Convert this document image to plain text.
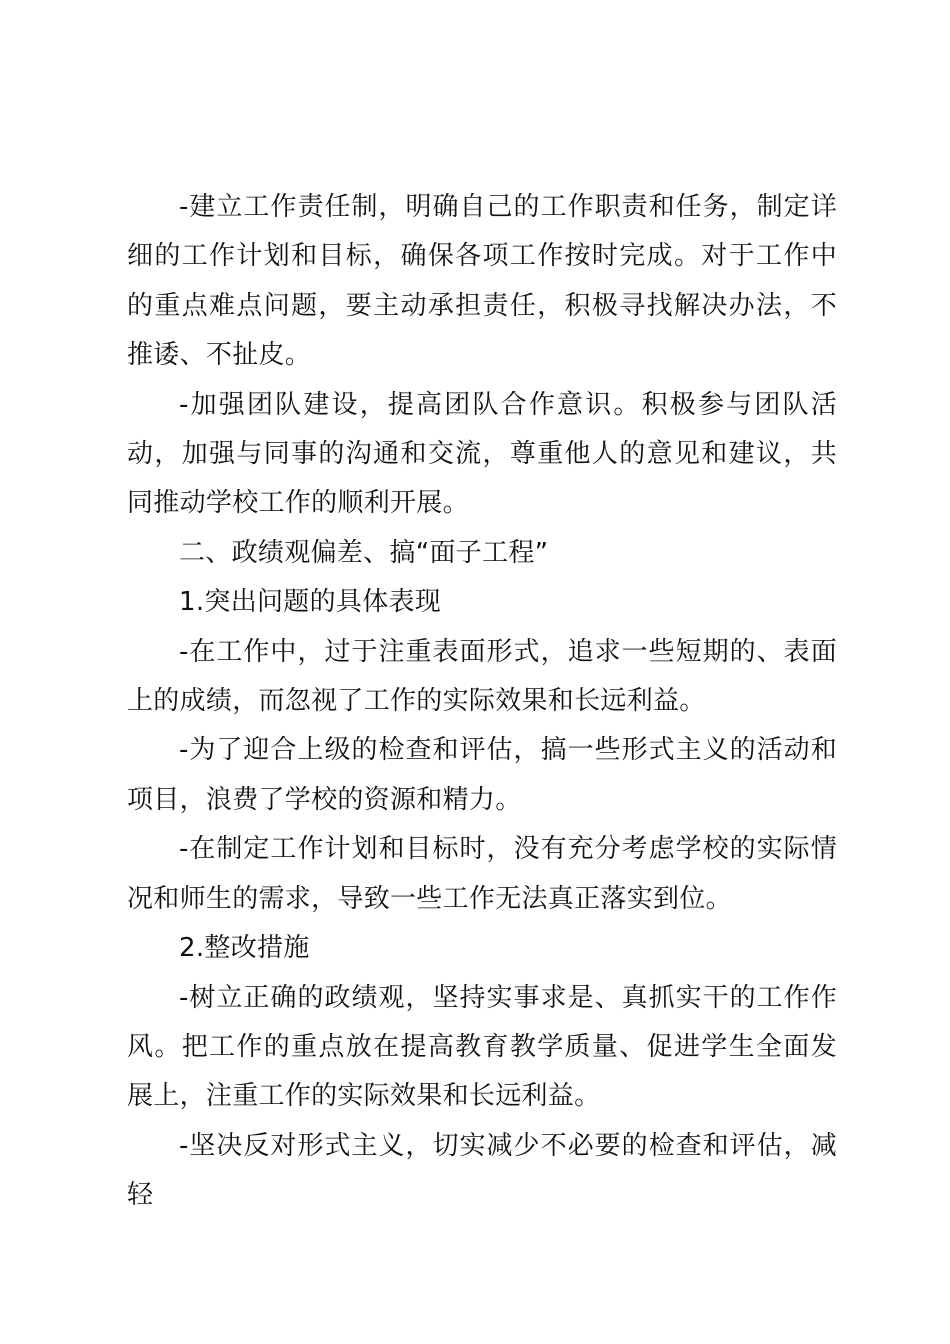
-建立工作责任制，明确自己的工作职责和任务，制定详细的工作计划和目标，确保各项工作按时完成。对于工作中的重点难点问题，要主动承担责任，积极寻找解决办法，不推诿、不扯皮。

-加强团队建设，提高团队合作意识。积极参与团队活动，加强与同事的沟通和交流，尊重他人的意见和建议，共同推动学校工作的顺利开展。

二、政绩观偏差、搞“面子工程”

1.突出问题的具体表现

-在工作中，过于注重表面形式，追求一些短期的、表面上的成绩，而忽视了工作的实际效果和长远利益。

-为了迎合上级的检查和评估，搞一些形式主义的活动和项目，浪费了学校的资源和精力。

-在制定工作计划和目标时，没有充分考虑学校的实际情况和师生的需求，导致一些工作无法真正落实到位。

2.整改措施

-树立正确的政绩观，坚持实事求是、真抓实干的工作作风。把工作的重点放在提高教育教学质量、促进学生全面发展上，注重工作的实际效果和长远利益。

-坚决反对形式主义，切实减少不必要的检查和评估，减轻
